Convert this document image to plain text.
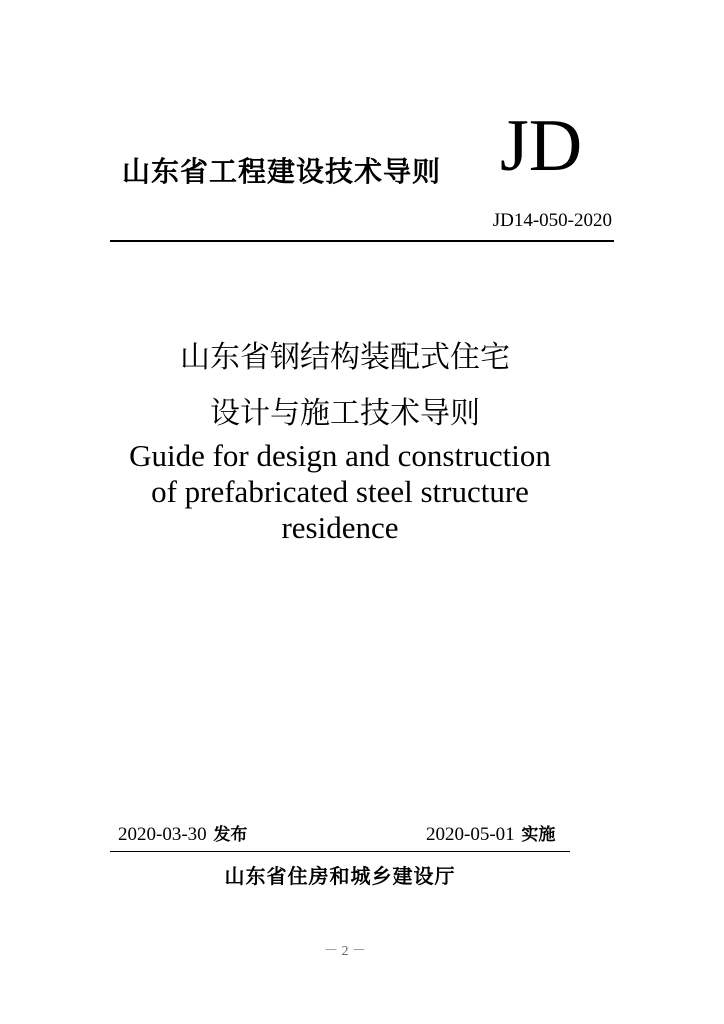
山东省工程建设技术导则 JD
JD14-050-2020
山东省钢结构装配式住宅
设计与施工技术导则
Guide for design and construction
of prefabricated steel structure
residence
2020-03-30 发布	2020-05-01 实施
山东省住房和城乡建设厅
－ 2 －
